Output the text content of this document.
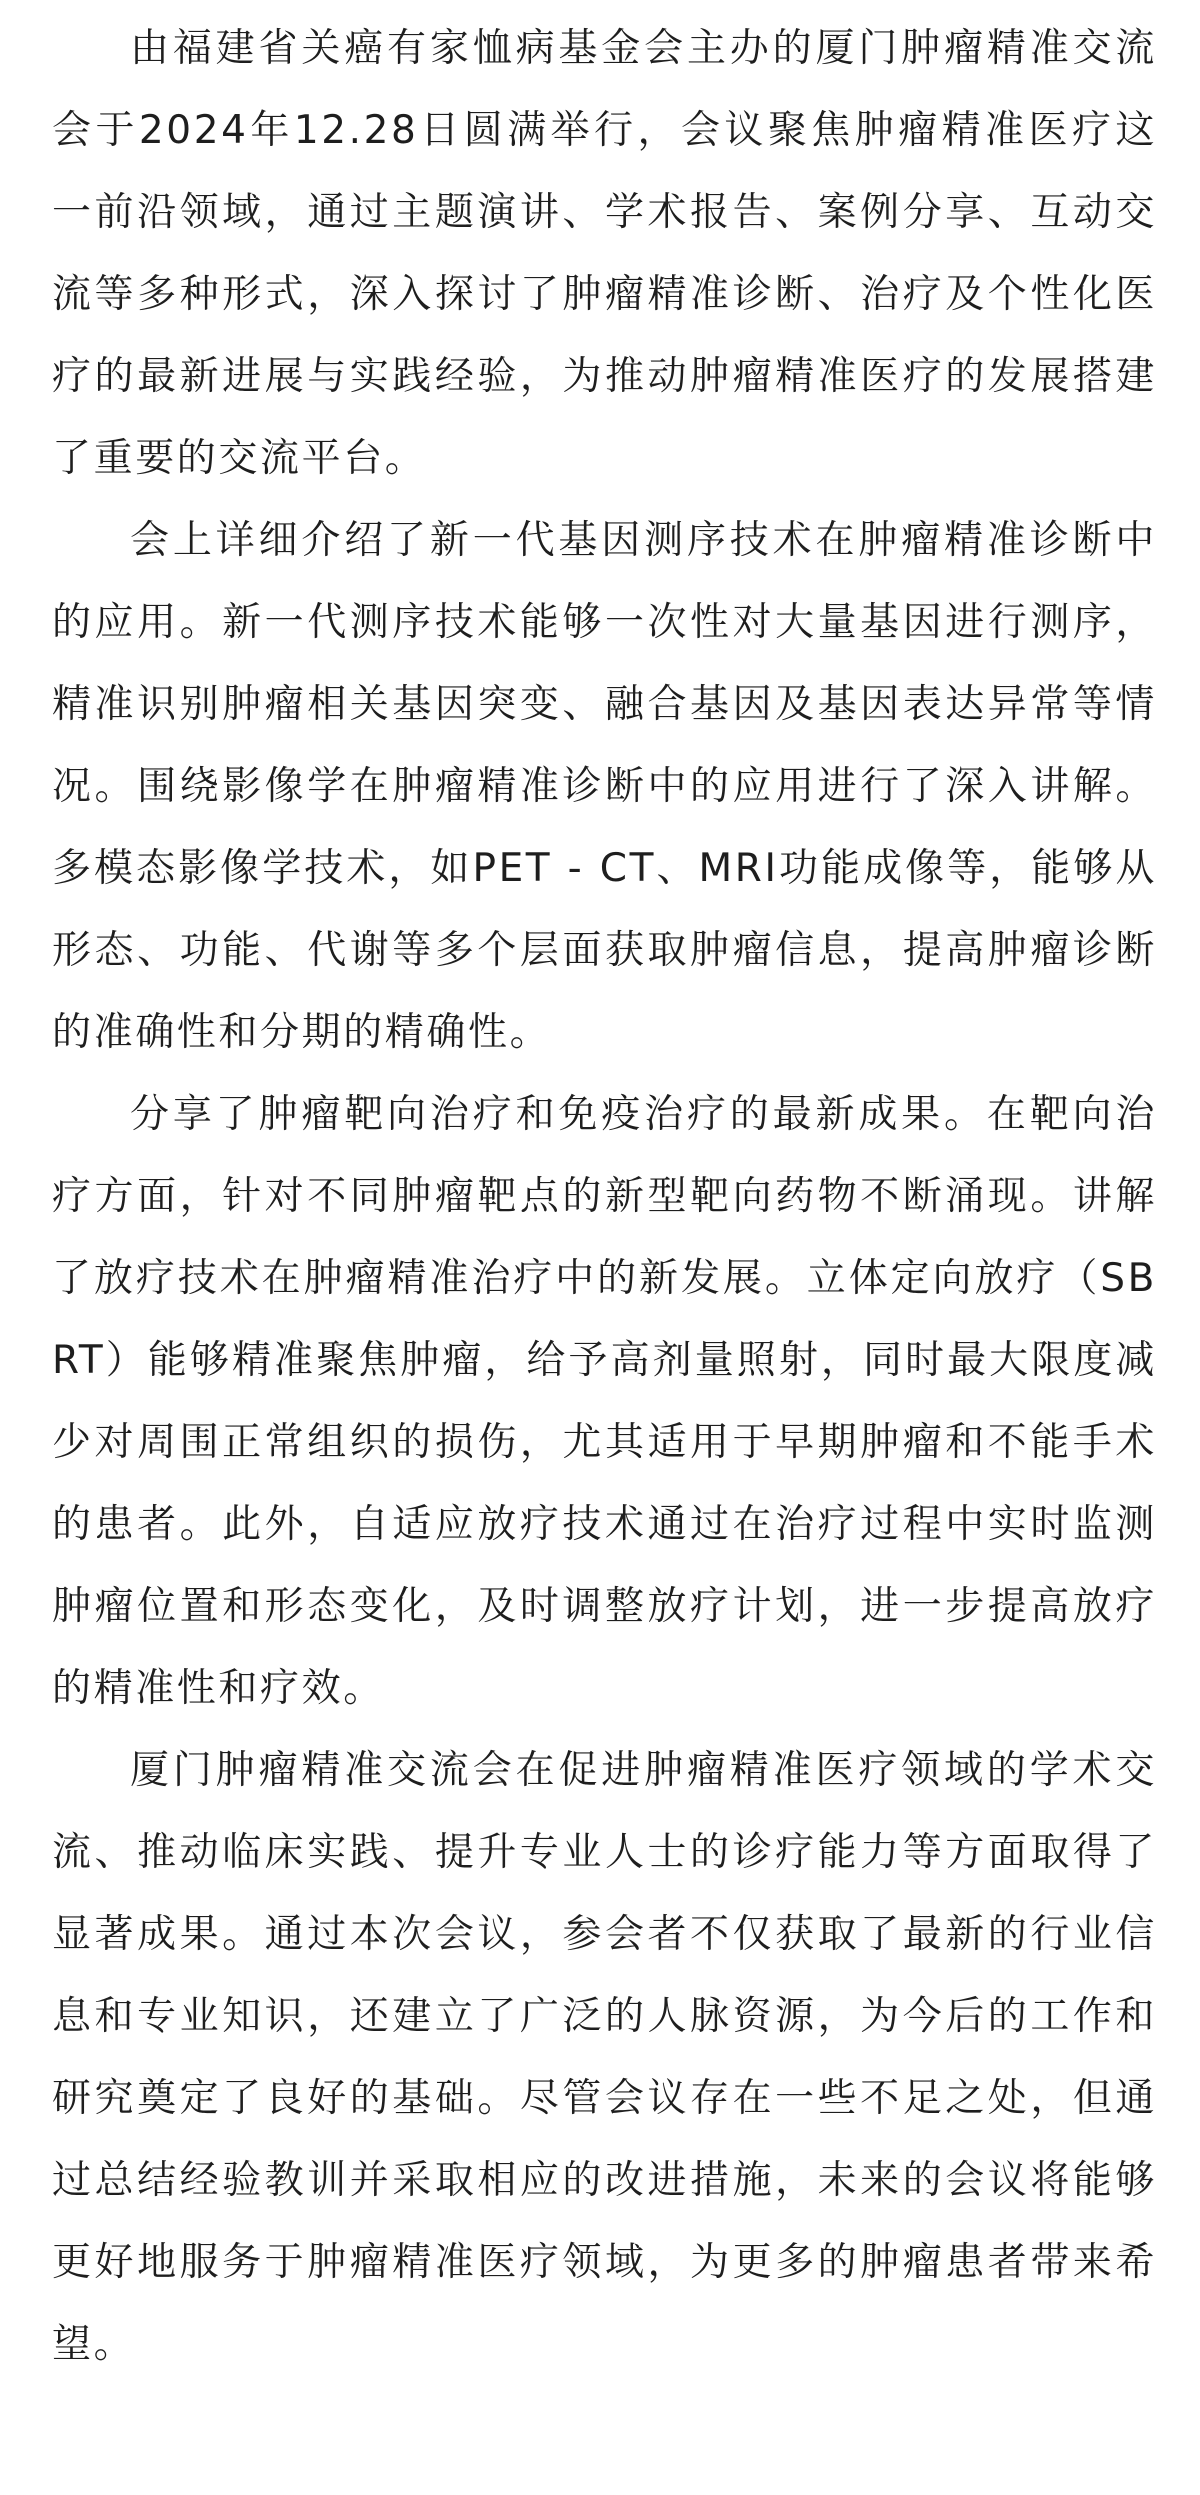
由福建省关癌有家恤病基金会主办的厦门肿瘤精准交流会于2024年12.28日圆满举行，会议聚焦肿瘤精准医疗这一前沿领域，通过主题演讲、学术报告、案例分享、互动交流等多种形式，深入探讨了肿瘤精准诊断、治疗及个性化医疗的最新进展与实践经验，为推动肿瘤精准医疗的发展搭建了重要的交流平台。

会上详细介绍了新一代基因测序技术在肿瘤精准诊断中的应用。新一代测序技术能够一次性对大量基因进行测序，精准识别肿瘤相关基因突变、融合基因及基因表达异常等情况。围绕影像学在肿瘤精准诊断中的应用进行了深入讲解。多模态影像学技术，如PET - CT、MRI功能成像等，能够从形态、功能、代谢等多个层面获取肿瘤信息，提高肿瘤诊断的准确性和分期的精确性。

分享了肿瘤靶向治疗和免疫治疗的最新成果。在靶向治疗方面，针对不同肿瘤靶点的新型靶向药物不断涌现。讲解了放疗技术在肿瘤精准治疗中的新发展。立体定向放疗（SBRT）能够精准聚焦肿瘤，给予高剂量照射，同时最大限度减少对周围正常组织的损伤，尤其适用于早期肿瘤和不能手术的患者。此外，自适应放疗技术通过在治疗过程中实时监测肿瘤位置和形态变化，及时调整放疗计划，进一步提高放疗的精准性和疗效。

厦门肿瘤精准交流会在促进肿瘤精准医疗领域的学术交流、推动临床实践、提升专业人士的诊疗能力等方面取得了显著成果。通过本次会议，参会者不仅获取了最新的行业信息和专业知识，还建立了广泛的人脉资源，为今后的工作和研究奠定了良好的基础。尽管会议存在一些不足之处，但通过总结经验教训并采取相应的改进措施，未来的会议将能够更好地服务于肿瘤精准医疗领域，为更多的肿瘤患者带来希望。
